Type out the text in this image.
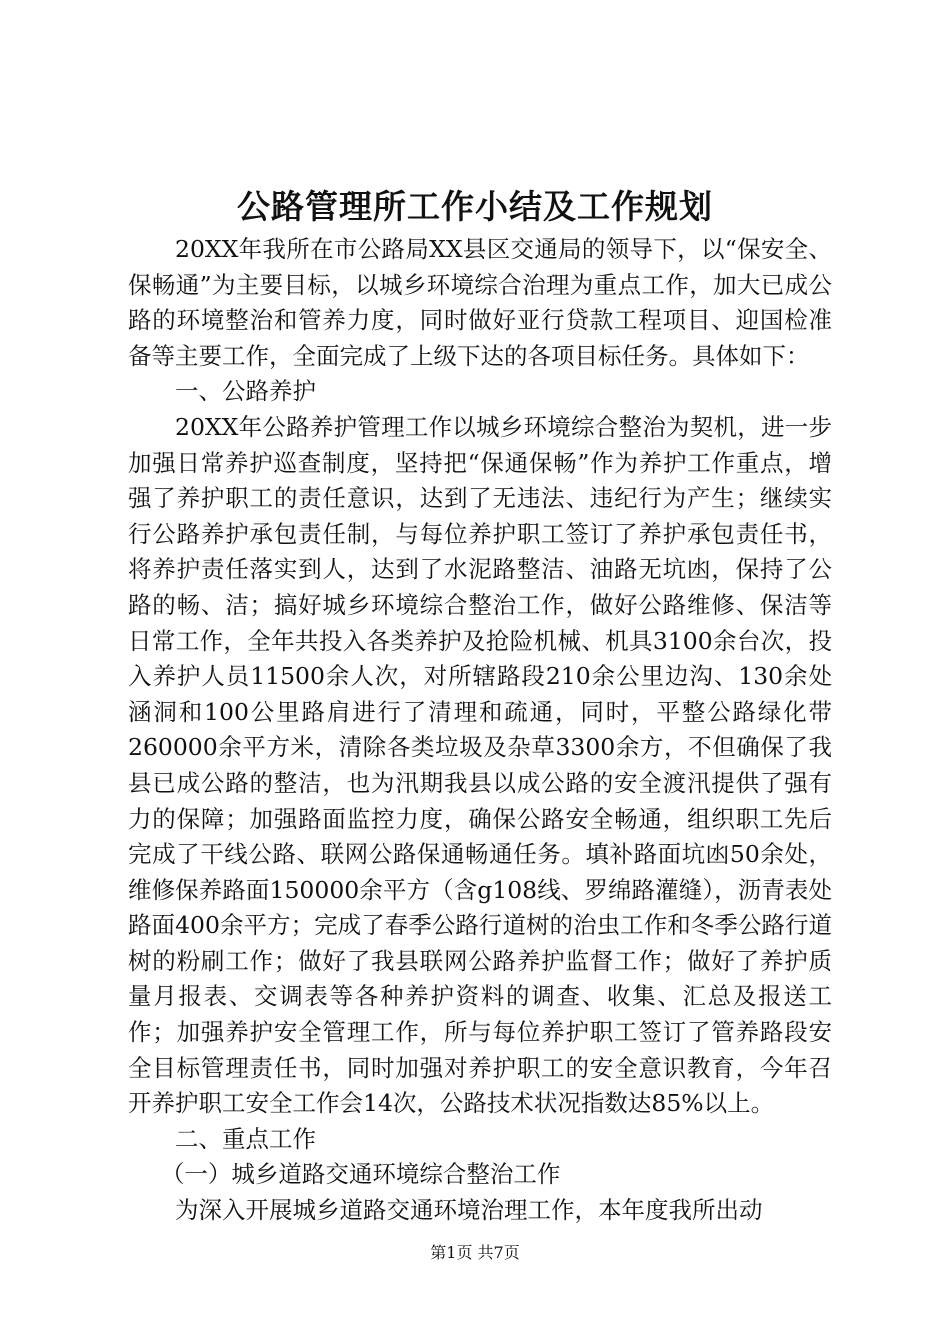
公路管理所工作小结及工作规划

20XX年我所在市公路局XX县区交通局的领导下，以“保安全、保畅通”为主要目标，以城乡环境综合治理为重点工作，加大已成公路的环境整治和管养力度，同时做好亚行贷款工程项目、迎国检准备等主要工作，全面完成了上级下达的各项目标任务。具体如下：

一、公路养护

20XX年公路养护管理工作以城乡环境综合整治为契机，进一步加强日常养护巡查制度，坚持把“保通保畅”作为养护工作重点，增强了养护职工的责任意识，达到了无违法、违纪行为产生；继续实行公路养护承包责任制，与每位养护职工签订了养护承包责任书，将养护责任落实到人，达到了水泥路整洁、油路无坑凼，保持了公路的畅、洁；搞好城乡环境综合整治工作，做好公路维修、保洁等日常工作，全年共投入各类养护及抢险机械、机具3100余台次，投入养护人员11500余人次，对所辖路段210余公里边沟、130余处涵洞和100公里路肩进行了清理和疏通，同时，平整公路绿化带260000余平方米，清除各类垃圾及杂草3300余方，不但确保了我县已成公路的整洁，也为汛期我县以成公路的安全渡汛提供了强有力的保障；加强路面监控力度，确保公路安全畅通，组织职工先后完成了干线公路、联网公路保通畅通任务。填补路面坑凼50余处，维修保养路面150000余平方（含g108线、罗绵路灌缝），沥青表处路面400余平方；完成了春季公路行道树的治虫工作和冬季公路行道树的粉刷工作；做好了我县联网公路养护监督工作；做好了养护质量月报表、交调表等各种养护资料的调查、收集、汇总及报送工作；加强养护安全管理工作，所与每位养护职工签订了管养路段安全目标管理责任书，同时加强对养护职工的安全意识教育，今年召开养护职工安全工作会14次，公路技术状况指数达85%以上。

二、重点工作

（一）城乡道路交通环境综合整治工作

为深入开展城乡道路交通环境治理工作，本年度我所出动

第1页 共7页
